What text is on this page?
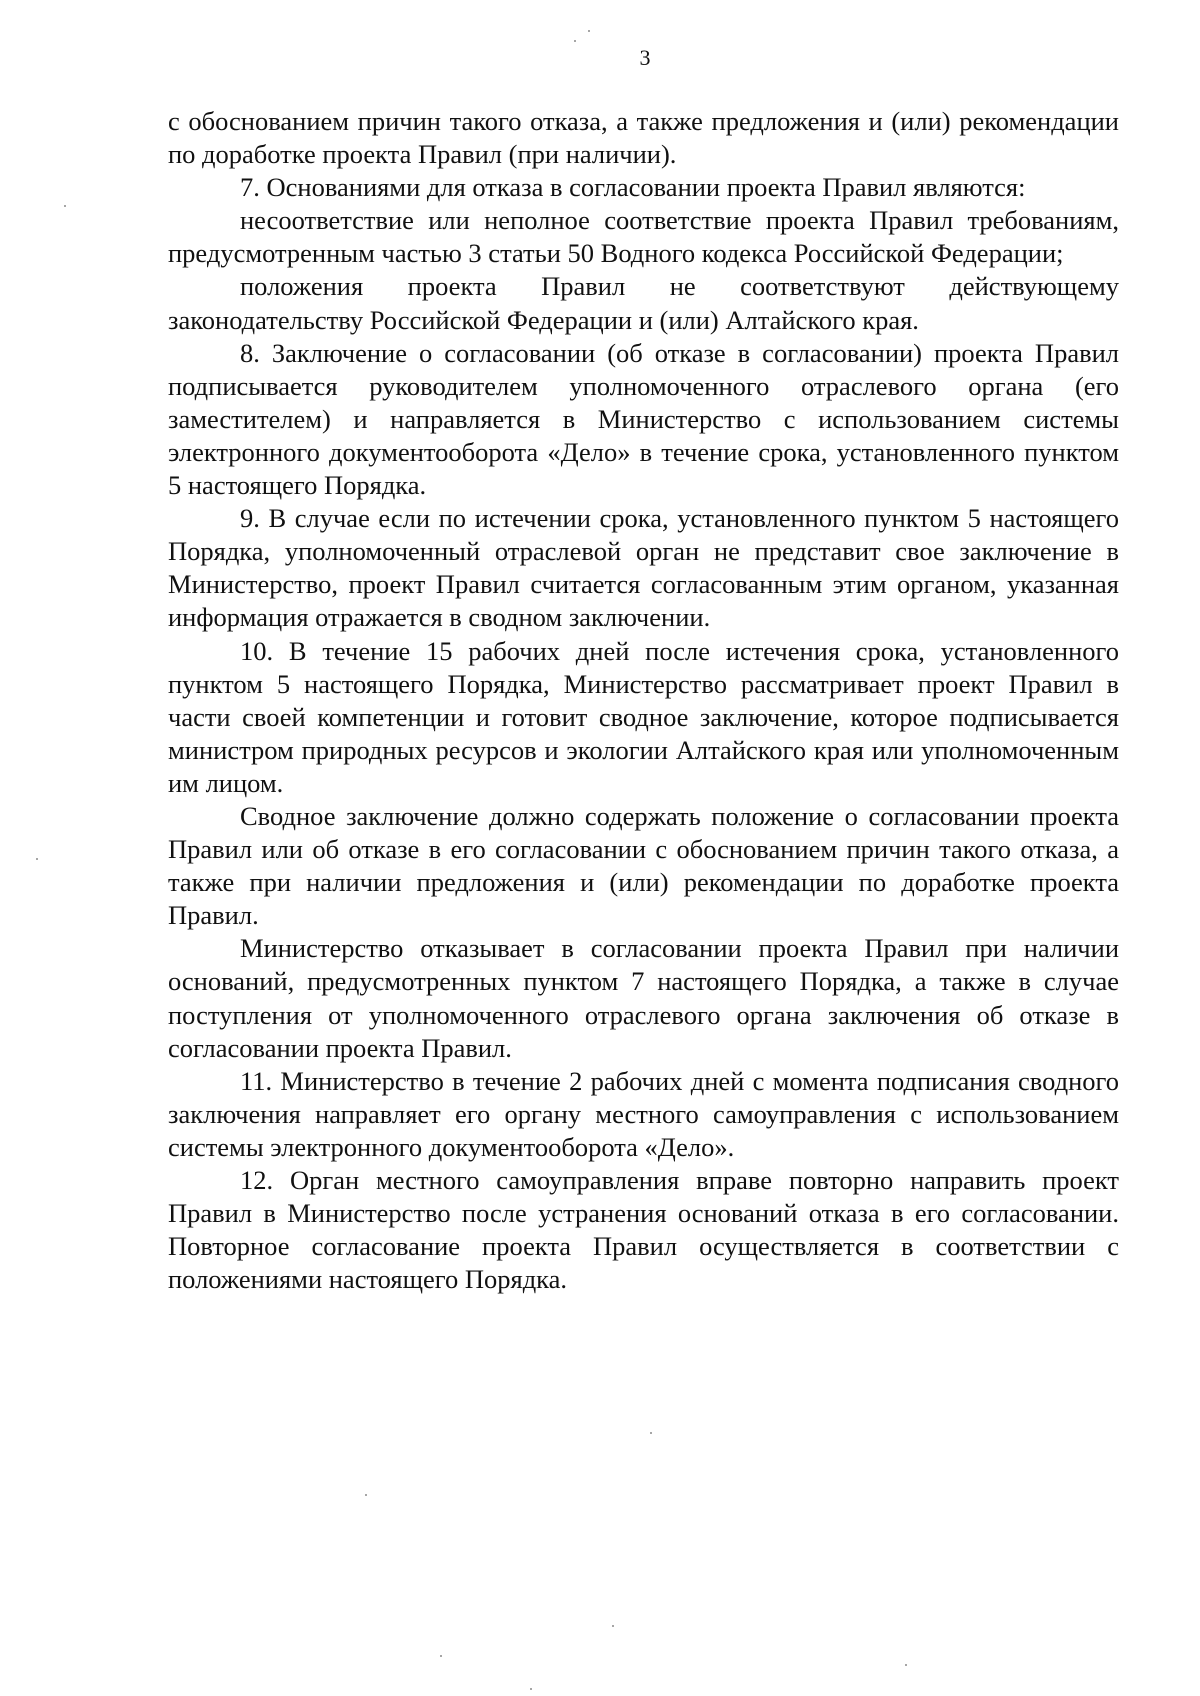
3

с обоснованием причин такого отказа, а также предложения и (или) рекомендации по доработке проекта Правил (при наличии).

7. Основаниями для отказа в согласовании проекта Правил являются:

несоответствие или неполное соответствие проекта Правил требованиям, предусмотренным частью 3 статьи 50 Водного кодекса Российской Федерации;

положения проекта Правил не соответствуют действующему законодательству Российской Федерации и (или) Алтайского края.

8. Заключение о согласовании (об отказе в согласовании) проекта Правил подписывается руководителем уполномоченного отраслевого органа (его заместителем) и направляется в Министерство с использованием системы электронного документооборота «Дело» в течение срока, установленного пунктом 5 настоящего Порядка.

9. В случае если по истечении срока, установленного пунктом 5 настоящего Порядка, уполномоченный отраслевой орган не представит свое заключение в Министерство, проект Правил считается согласованным этим органом, указанная информация отражается в сводном заключении.

10. В течение 15 рабочих дней после истечения срока, установленного пунктом 5 настоящего Порядка, Министерство рассматривает проект Правил в части своей компетенции и готовит сводное заключение, которое подписывается министром природных ресурсов и экологии Алтайского края или уполномоченным им лицом.

Сводное заключение должно содержать положение о согласовании проекта Правил или об отказе в его согласовании с обоснованием причин такого отказа, а также при наличии предложения и (или) рекомендации по доработке проекта Правил.

Министерство отказывает в согласовании проекта Правил при наличии оснований, предусмотренных пунктом 7 настоящего Порядка, а также в случае поступления от уполномоченного отраслевого органа заключения об отказе в согласовании проекта Правил.

11. Министерство в течение 2 рабочих дней с момента подписания сводного заключения направляет его органу местного самоуправления с использованием системы электронного документооборота «Дело».

12. Орган местного самоуправления вправе повторно направить проект Правил в Министерство после устранения оснований отказа в его согласовании. Повторное согласование проекта Правил осуществляется в соответствии с положениями настоящего Порядка.
